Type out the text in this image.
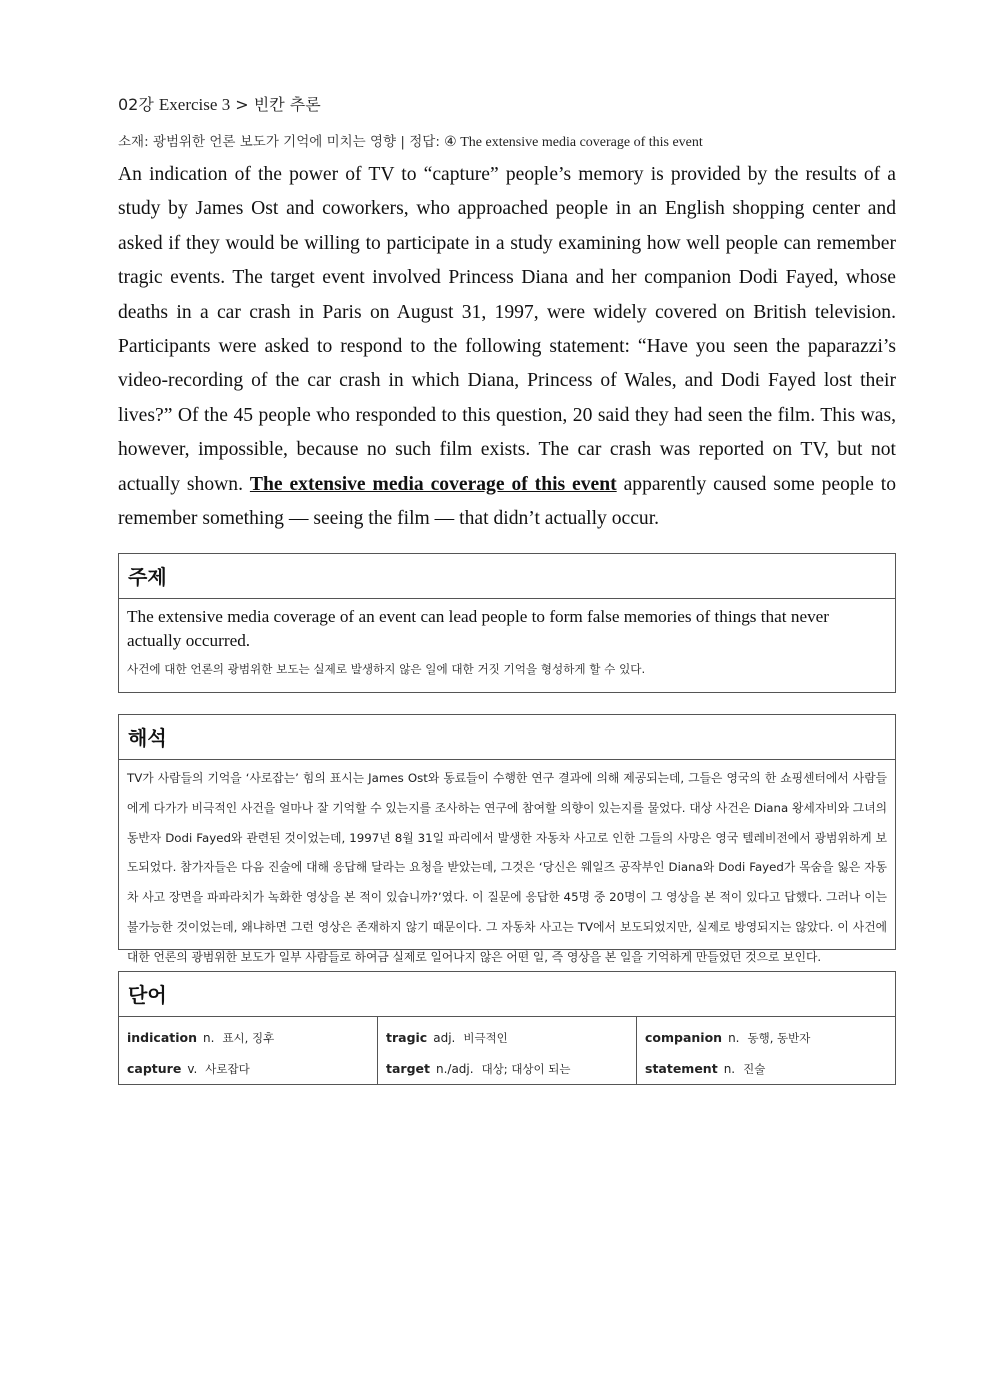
02강 Exercise 3 > 빈칸 추론
소재: 광범위한 언론 보도가 기억에 미치는 영향 | 정답: ④ The extensive media coverage of this event

An indication of the power of TV to “capture” people’s memory is provided by the results of a study by James Ost and coworkers, who approached people in an English shopping center and asked if they would be willing to participate in a study examining how well people can remember tragic events. The target event involved Princess Diana and her companion Dodi Fayed, whose deaths in a car crash in Paris on August 31, 1997, were widely covered on British television. Participants were asked to respond to the following statement: “Have you seen the paparazzi’s video-recording of the car crash in which Diana, Princess of Wales, and Dodi Fayed lost their lives?” Of the 45 people who responded to this question, 20 said they had seen the film. This was, however, impossible, because no such film exists. The car crash was reported on TV, but not actually shown. The extensive media coverage of this event apparently caused some people to remember something — seeing the film — that didn’t actually occur.

주제

The extensive media coverage of an event can lead people to form false memories of things that never actually occurred.

사건에 대한 언론의 광범위한 보도는 실제로 발생하지 않은 일에 대한 거짓 기억을 형성하게 할 수 있다.

해석

TV가 사람들의 기억을 ‘사로잡는’ 힘의 표시는 James Ost와 동료들이 수행한 연구 결과에 의해 제공되는데, 그들은 영국의 한 쇼핑센터에서 사람들에게 다가가 비극적인 사건을 얼마나 잘 기억할 수 있는지를 조사하는 연구에 참여할 의향이 있는지를 물었다. 대상 사건은 Diana 왕세자비와 그녀의 동반자 Dodi Fayed와 관련된 것이었는데, 1997년 8월 31일 파리에서 발생한 자동차 사고로 인한 그들의 사망은 영국 텔레비전에서 광범위하게 보도되었다. 참가자들은 다음 진술에 대해 응답해 달라는 요청을 받았는데, 그것은 ‘당신은 웨일즈 공작부인 Diana와 Dodi Fayed가 목숨을 잃은 자동차 사고 장면을 파파라치가 녹화한 영상을 본 적이 있습니까?’였다. 이 질문에 응답한 45명 중 20명이 그 영상을 본 적이 있다고 답했다. 그러나 이는 불가능한 것이었는데, 왜냐하면 그런 영상은 존재하지 않기 때문이다. 그 자동차 사고는 TV에서 보도되었지만, 실제로 방영되지는 않았다. 이 사건에 대한 언론의 광범위한 보도가 일부 사람들로 하여금 실제로 일어나지 않은 어떤 일, 즉 영상을 본 일을 기억하게 만들었던 것으로 보인다.

단어
indication n. 표시, 징후
capture v. 사로잡다
tragic adj. 비극적인
target n./adj. 대상; 대상이 되는
companion n. 동행, 동반자
statement n. 진술
